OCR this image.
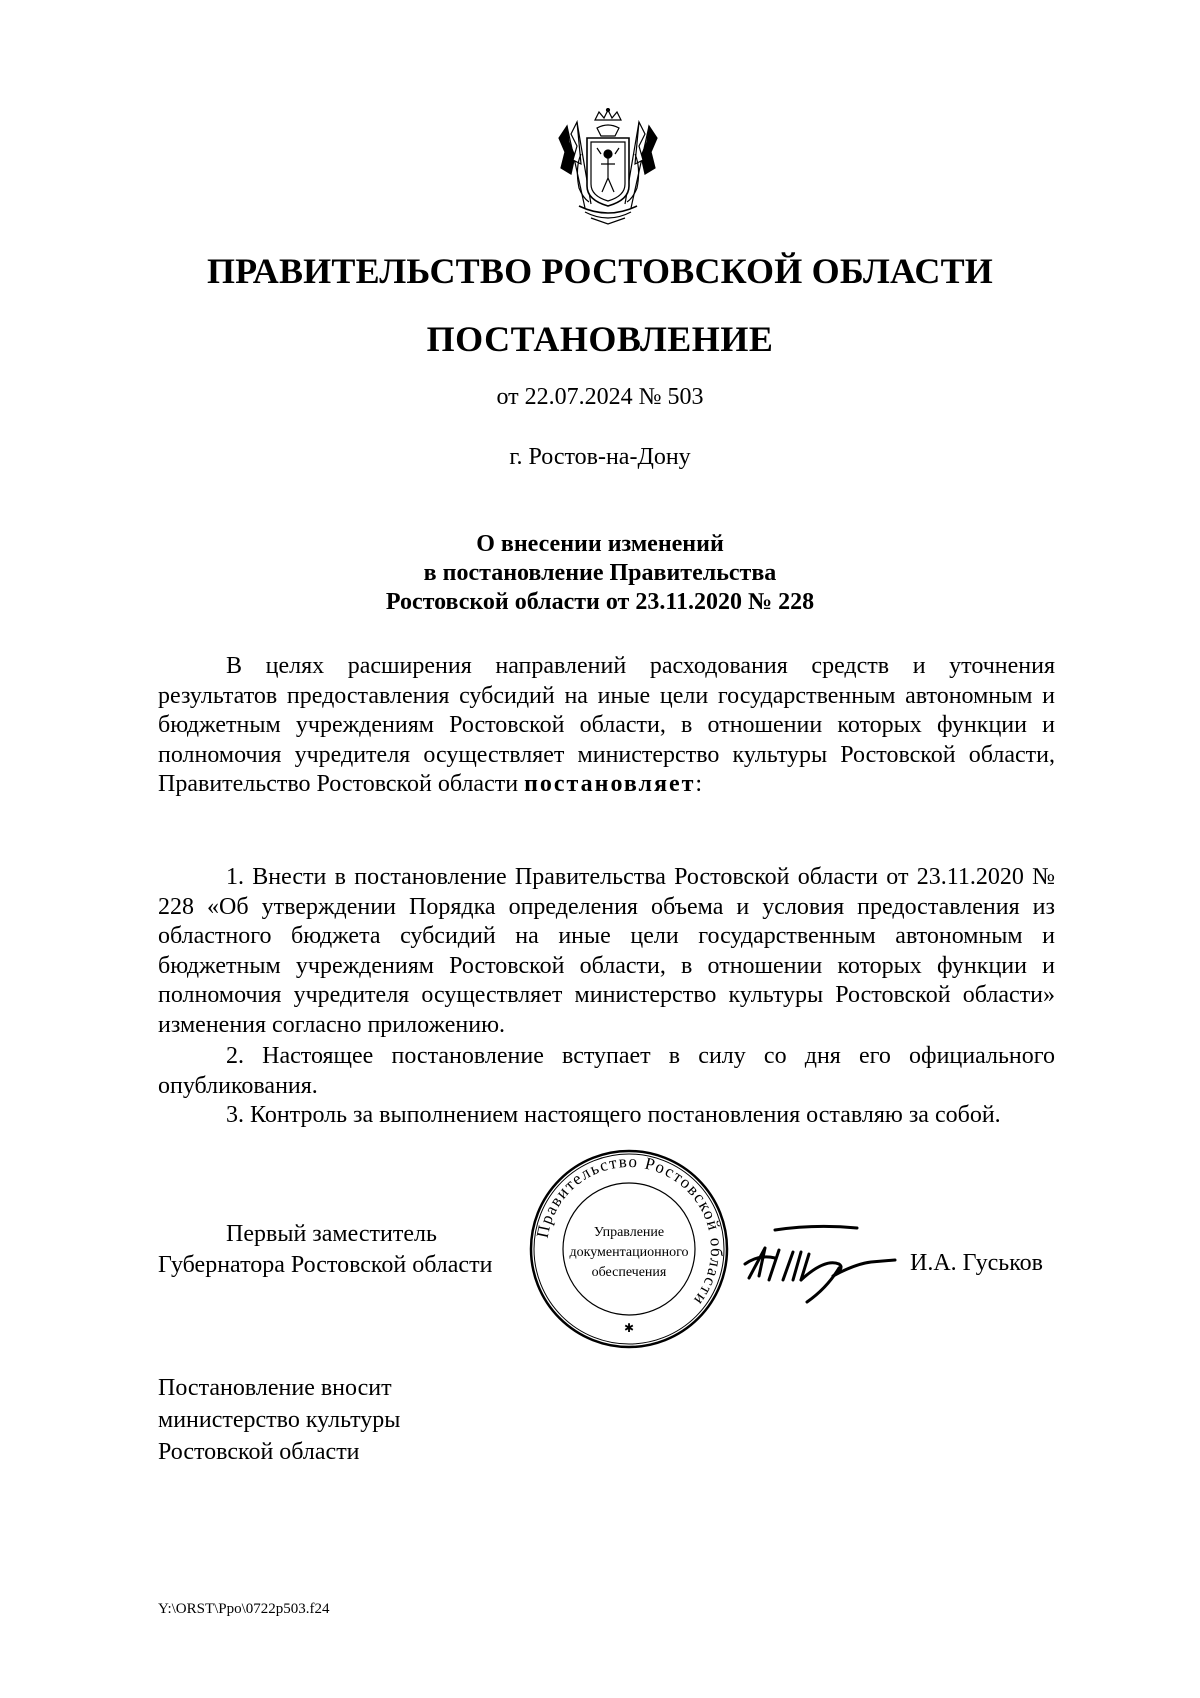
ПРАВИТЕЛЬСТВО РОСТОВСКОЙ ОБЛАСТИ
ПОСТАНОВЛЕНИЕ
от 22.07.2024 № 503
г. Ростов-на-Дону
О внесении изменений
в постановление Правительства
Ростовской области от 23.11.2020 № 228
В целях расширения направлений расходования средств и уточнения результатов предоставления субсидий на иные цели государственным автономным и бюджетным учреждениям Ростовской области, в отношении которых функции и полномочия учредителя осуществляет министерство культуры Ростовской области, Правительство Ростовской области постановляет:
1. Внести в постановление Правительства Ростовской области от 23.11.2020 № 228 «Об утверждении Порядка определения объема и условия предоставления из областного бюджета субсидий на иные цели государственным автономным и бюджетным учреждениям Ростовской области, в отношении которых функции и полномочия учредителя осуществляет министерство культуры Ростовской области» изменения согласно приложению.
2. Настоящее постановление вступает в силу со дня его официального опубликования.
3. Контроль за выполнением настоящего постановления оставляю за собой.
Первый заместитель
Губернатора Ростовской области
Правительство Ростовской области
Управление
документационного
обеспечения
✱
И.А. Гуськов
Постановление вносит
министерство культуры
Ростовской области
Y:\ORST\Ppo\0722p503.f24
